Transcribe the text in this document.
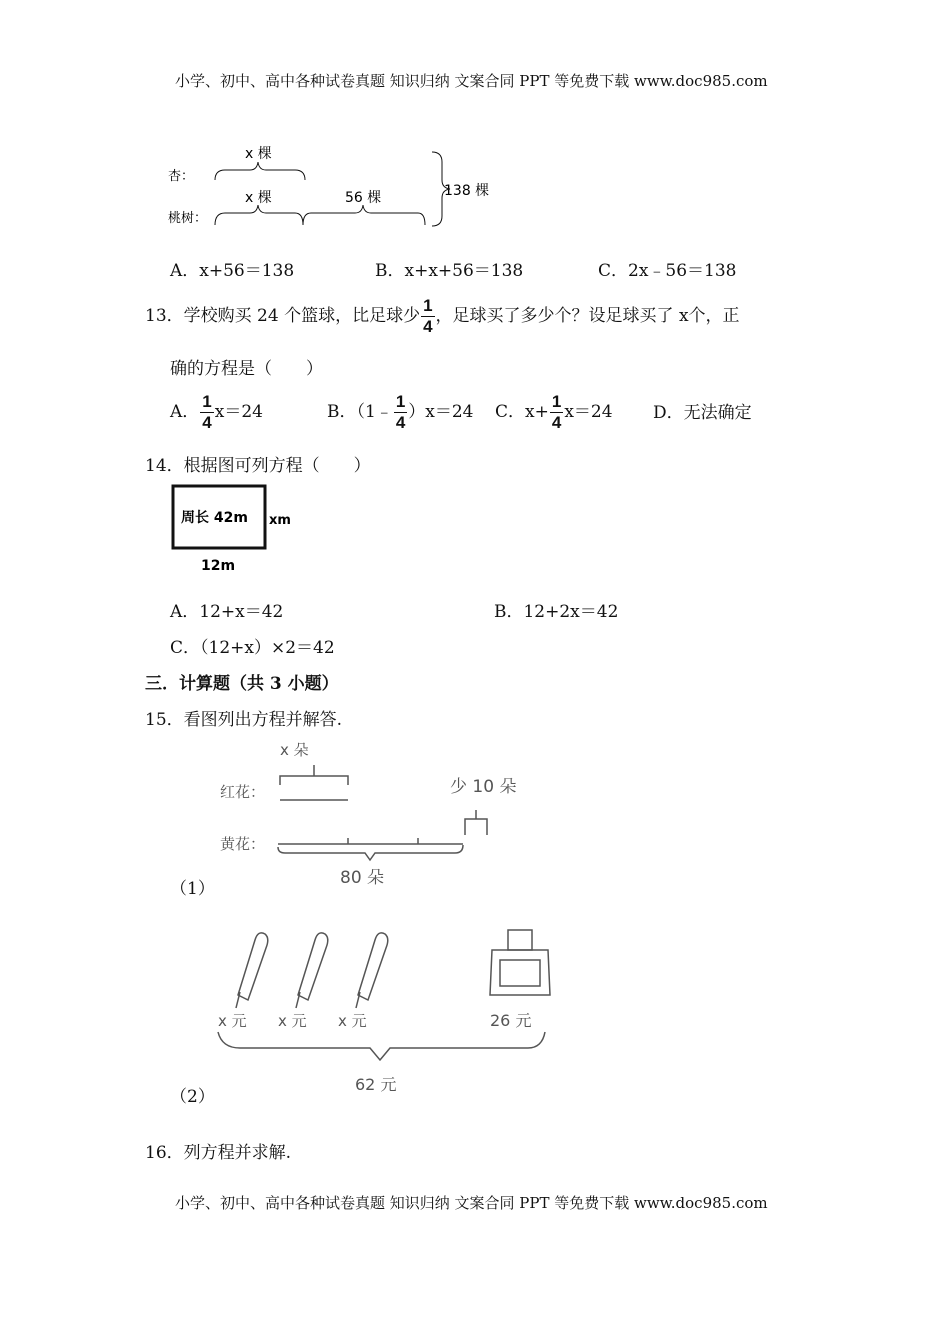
小学、初中、高中各种试卷真题 知识归纳 文案合同 PPT 等免费下载 www.doc985.com
杏：
桃树：
x 棵
x 棵	56 棵	138 棵
A．x+56＝138	B．x+x+56＝138	C．2x﹣56＝138
13．学校购买 24 个篮球，比足球少 $\frac{1}{4}$ ，足球买了多少个？设足球买了 x个，正
确的方程是（　　）
A． $\frac{1}{4} x=24$	B．（1﹣ $\frac{1}{4} )x=24$ C．$x+ \frac{1}{4} x=24$ D．无法确定
14．根据图可列方程（　　）
周长 42m xm
12m
A．12+x＝42	B．12+2x＝42
C．（12+x）×2＝42
三．计算题（共 3 小题）
15．看图列出方程并解答.
x 朵
红花：
黄花：
少 10 朵
80 朵
（1）
x 元 x 元 x 元	26 元
62 元
（2）
16．列方程并求解.
小学、初中、高中各种试卷真题 知识归纳 文案合同 PPT 等免费下载 www.doc985.com
